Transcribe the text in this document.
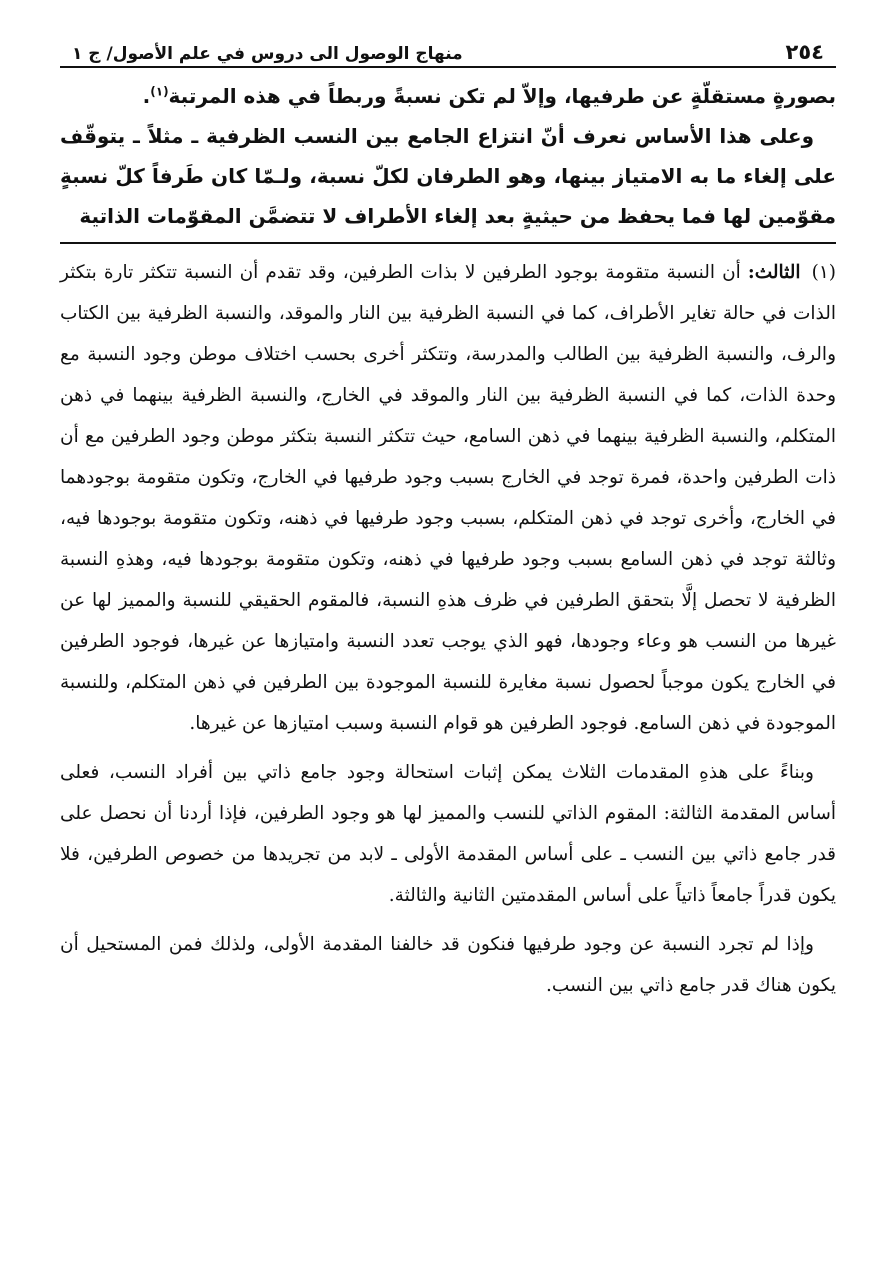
٢٥٤
منهاج الوصول الى دروس في علم الأصول/ ج ١

بصورةٍ مستقلّةٍ عن طرفيها، وإلاّ لم تكن نسبةً وربطاً في هذه المرتبة$^{(١)}$.

وعلى هذا الأساس نعرف أنّ انتزاع الجامع بين النسب الظرفية ـ مثلاً ـ يتوقّف على إلغاء ما به الامتياز بينها، وهو الطرفان لكلّ نسبة، ولـمّا كان طَرفاً كلّ نسبةٍ مقوّمين لها فما يحفظ من حيثيةٍ بعد إلغاء الأطراف لا تتضمَّن المقوّمات الذاتية

(١) الثالث: أن النسبة متقومة بوجود الطرفين لا بذات الطرفين، وقد تقدم أن النسبة تتكثر تارة بتكثر الذات في حالة تغاير الأطراف، كما في النسبة الظرفية بين النار والموقد، والنسبة الظرفية بين الكتاب والرف، والنسبة الظرفية بين الطالب والمدرسة، وتتكثر أخرى بحسب اختلاف موطن وجود النسبة مع وحدة الذات، كما في النسبة الظرفية بين النار والموقد في الخارج، والنسبة الظرفية بينهما في ذهن المتكلم، والنسبة الظرفية بينهما في ذهن السامع، حيث تتكثر النسبة بتكثر موطن وجود الطرفين مع أن ذات الطرفين واحدة، فمرة توجد في الخارج بسبب وجود طرفيها في الخارج، وتكون متقومة بوجودهما في الخارج، وأخرى توجد في ذهن المتكلم، بسبب وجود طرفيها في ذهنه، وتكون متقومة بوجودها فيه، وثالثة توجد في ذهن السامع بسبب وجود طرفيها في ذهنه، وتكون متقومة بوجودها فيه، وهذهِ النسبة الظرفية لا تحصل إلَّا بتحقق الطرفين في ظرف هذهِ النسبة، فالمقوم الحقيقي للنسبة والمميز لها عن غيرها من النسب هو وعاء وجودها، فهو الذي يوجب تعدد النسبة وامتيازها عن غيرها، فوجود الطرفين في الخارج يكون موجباً لحصول نسبة مغايرة للنسبة الموجودة بين الطرفين في ذهن المتكلم، وللنسبة الموجودة في ذهن السامع. فوجود الطرفين هو قوام النسبة وسبب امتيازها عن غيرها.

وبناءً على هذهِ المقدمات الثلاث يمكن إثبات استحالة وجود جامع ذاتي بين أفراد النسب، فعلى أساس المقدمة الثالثة: المقوم الذاتي للنسب والمميز لها هو وجود الطرفين، فإذا أردنا أن نحصل على قدر جامع ذاتي بين النسب ـ على أساس المقدمة الأولى ـ لابد من تجريدها من خصوص الطرفين، فلا يكون قدراً جامعاً ذاتياً على أساس المقدمتين الثانية والثالثة.

وإذا لم تجرد النسبة عن وجود طرفيها فنكون قد خالفنا المقدمة الأولى، ولذلك فمن المستحيل أن يكون هناك قدر جامع ذاتي بين النسب.
